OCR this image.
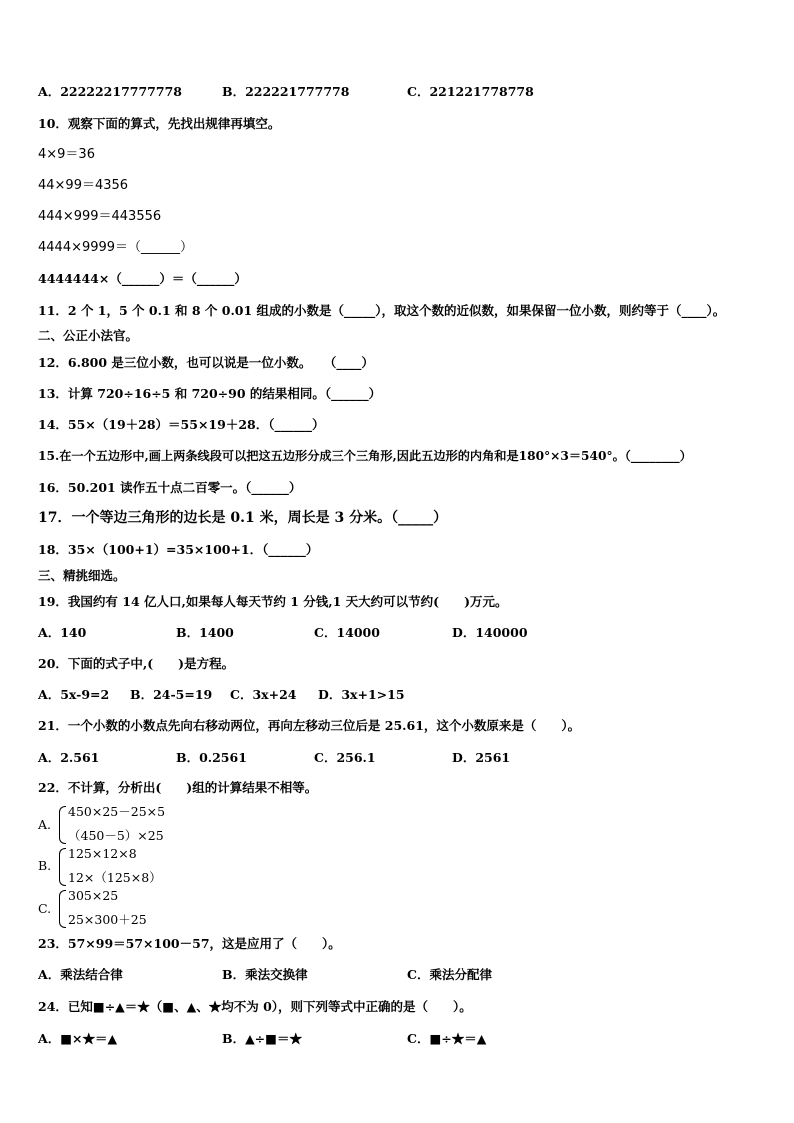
A．22222217777778	B．222221777778	C．221221778778
10．观察下面的算式，先找出规律再填空。
4×9＝36
44×99＝4356
444×999＝443556
4444×9999＝（______）
4444444×（______）＝（______）
11．2 个 1，5 个 0.1 和 8 个 0.01 组成的小数是（_____），取这个数的近似数，如果保留一位小数，则约等于（____）。
二、公正小法官。
12．6.800 是三位小数，也可以说是一位小数。　　（____）
13．计算 720÷16÷5 和 720÷90 的结果相同。（______）
14．55×（19＋28）＝55×19＋28．（______）
15.在一个五边形中,画上两条线段可以把这五边形分成三个三角形,因此五边形的内角和是180°×3＝540°。（________）
16．50.201 读作五十点二百零一。（______）
17．一个等边三角形的边长是 0.1 米，周长是 3 分米。（_____）
18．35×（100+1）=35×100+1．（______）
三、精挑细选。
19．我国约有 14 亿人口,如果每人每天节约 1 分钱,1 天大约可以节约(　　)万元。
A．140	B．1400	C．14000	D．140000
20．下面的式子中,(　　)是方程。
A．5x-9=2 B．24-5=19 C．3x+24 D．3x+1>15
21．一个小数的小数点先向右移动两位，再向左移动三位后是 25.61，这个小数原来是（　　）。
A．2.561	B．0.2561	C．256.1	D．2561
22．不计算，分析出(　　)组的计算结果不相等。
A.
450×25－25×5
（450－5）×25
B.
125×12×8
12×（125×8）
C.
305×25
25×300＋25
23．57×99＝57×100－57，这是应用了（　　）。
A．乘法结合律	B．乘法交换律	C．乘法分配律
24．已知■÷▲＝★（■、▲、★均不为 0），则下列等式中正确的是（　　）。
A．■×★＝▲	B．▲÷■＝★	C．■÷★＝▲
